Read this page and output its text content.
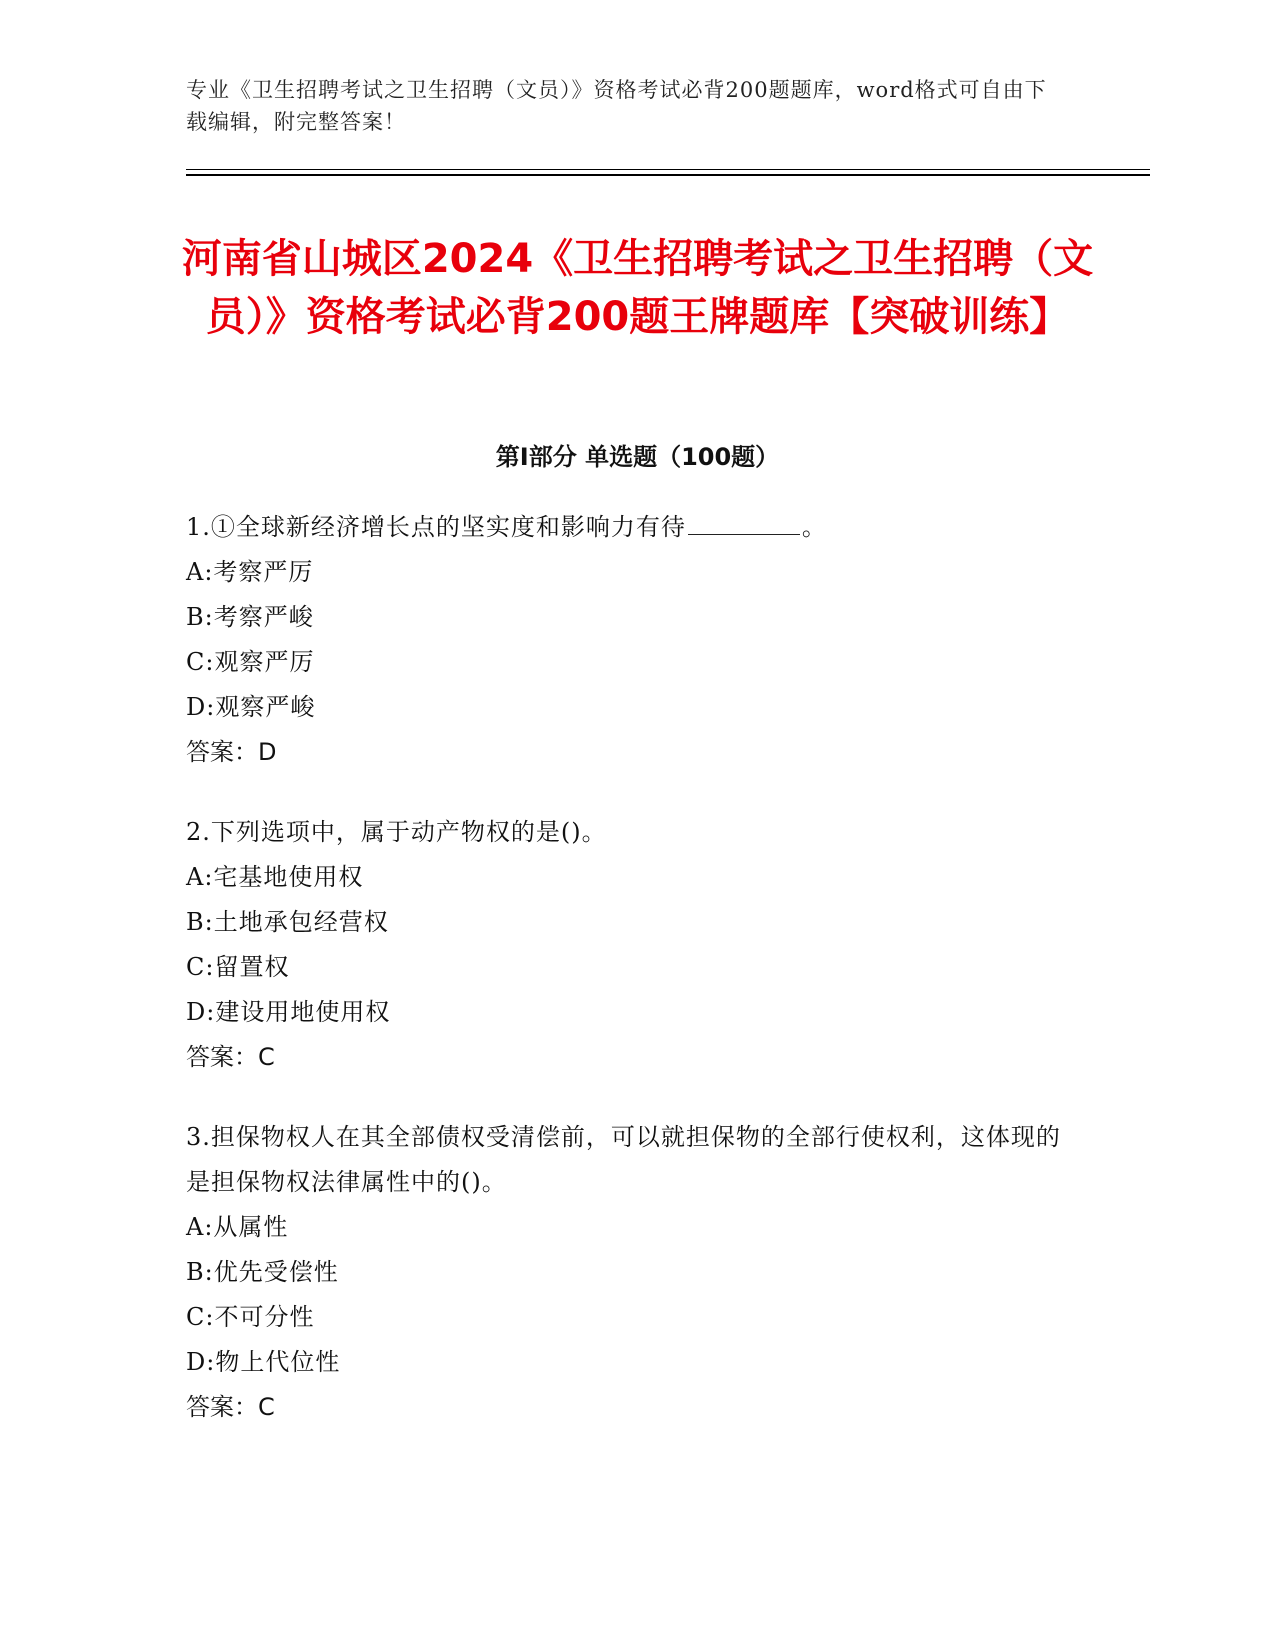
专业《卫生招聘考试之卫生招聘（文员）》资格考试必背200题题库，word格式可自由下载编辑，附完整答案！
河南省山城区2024《卫生招聘考试之卫生招聘（文员）》资格考试必背200题王牌题库【突破训练】
第I部分 单选题（100题）
1.①全球新经济增长点的坚实度和影响力有待	。
A:考察严厉
B:考察严峻
C:观察严厉
D:观察严峻
答案：D
2.下列选项中，属于动产物权的是()。
A:宅基地使用权
B:土地承包经营权
C:留置权
D:建设用地使用权
答案：C
3.担保物权人在其全部债权受清偿前，可以就担保物的全部行使权利，这体现的是担保物权法律属性中的()。
A:从属性
B:优先受偿性
C:不可分性
D:物上代位性
答案：C
